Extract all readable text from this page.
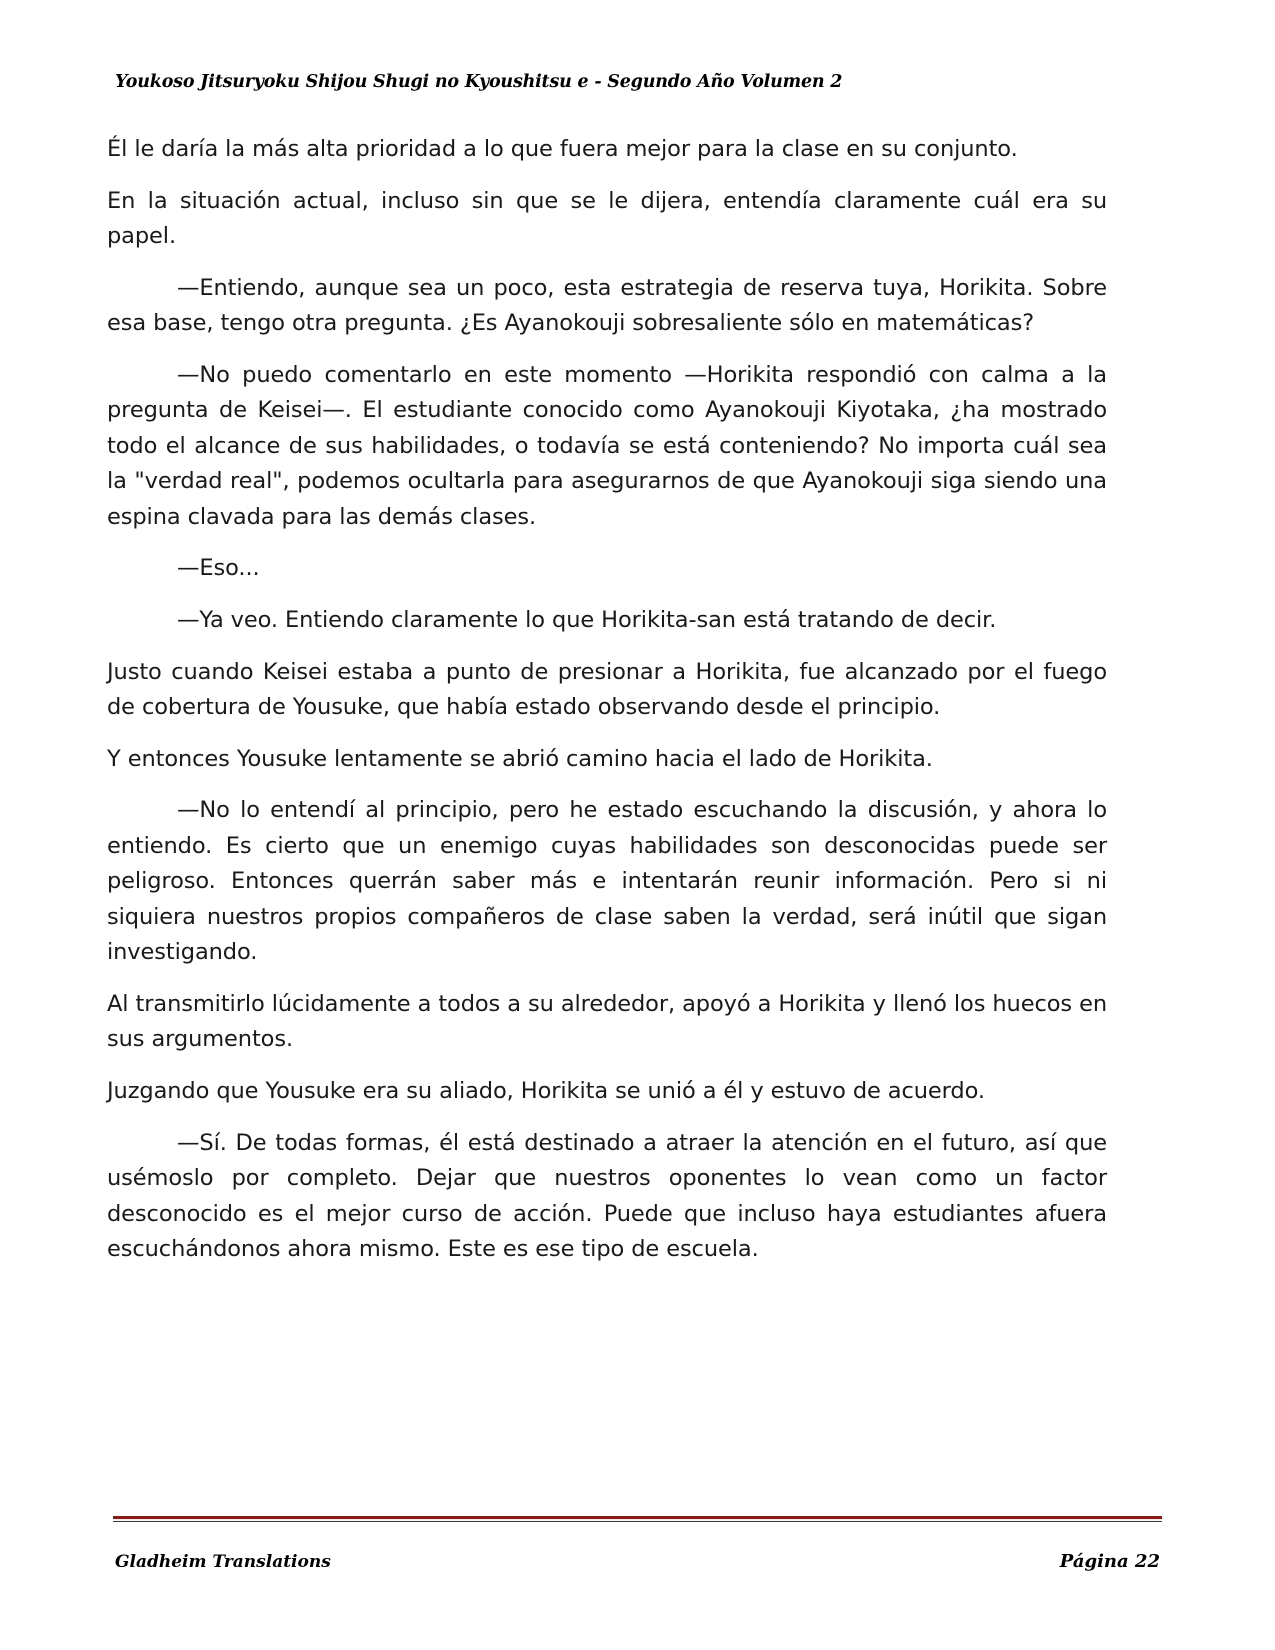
Youkoso Jitsuryoku Shijou Shugi no Kyoushitsu e - Segundo Año Volumen 2

Él le daría la más alta prioridad a lo que fuera mejor para la clase en su conjunto.

En la situación actual, incluso sin que se le dijera, entendía claramente cuál era su papel.

—Entiendo, aunque sea un poco, esta estrategia de reserva tuya, Horikita. Sobre esa base, tengo otra pregunta. ¿Es Ayanokouji sobresaliente sólo en matemáticas?

—No puedo comentarlo en este momento —Horikita respondió con calma a la pregunta de Keisei—. El estudiante conocido como Ayanokouji Kiyotaka, ¿ha mostrado todo el alcance de sus habilidades, o todavía se está conteniendo? No importa cuál sea la "verdad real", podemos ocultarla para asegurarnos de que Ayanokouji siga siendo una espina clavada para las demás clases.

—Eso...

—Ya veo. Entiendo claramente lo que Horikita-san está tratando de decir.

Justo cuando Keisei estaba a punto de presionar a Horikita, fue alcanzado por el fuego de cobertura de Yousuke, que había estado observando desde el principio.

Y entonces Yousuke lentamente se abrió camino hacia el lado de Horikita.

—No lo entendí al principio, pero he estado escuchando la discusión, y ahora lo entiendo. Es cierto que un enemigo cuyas habilidades son desconocidas puede ser peligroso. Entonces querrán saber más e intentarán reunir información. Pero si ni siquiera nuestros propios compañeros de clase saben la verdad, será inútil que sigan investigando.

Al transmitirlo lúcidamente a todos a su alrededor, apoyó a Horikita y llenó los huecos en sus argumentos.

Juzgando que Yousuke era su aliado, Horikita se unió a él y estuvo de acuerdo.

—Sí. De todas formas, él está destinado a atraer la atención en el futuro, así que usémoslo por completo. Dejar que nuestros oponentes lo vean como un factor desconocido es el mejor curso de acción. Puede que incluso haya estudiantes afuera escuchándonos ahora mismo. Este es ese tipo de escuela.

Gladheim Translations	Página 22
